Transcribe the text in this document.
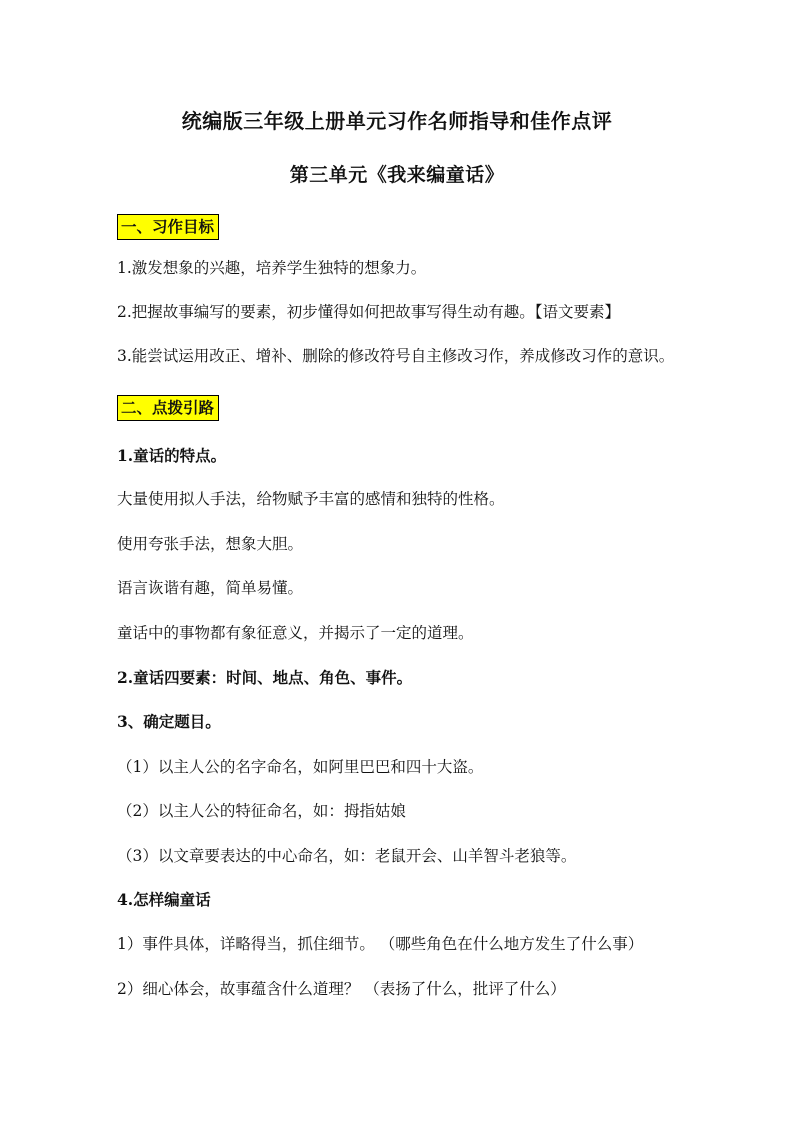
统编版三年级上册单元习作名师指导和佳作点评
第三单元《我来编童话》
一、习作目标
1.激发想象的兴趣，培养学生独特的想象力。
2.把握故事编写的要素，初步懂得如何把故事写得生动有趣。【语文要素】
3.能尝试运用改正、增补、删除的修改符号自主修改习作，养成修改习作的意识。
二、点拨引路
1.童话的特点。
大量使用拟人手法，给物赋予丰富的感情和独特的性格。
使用夸张手法，想象大胆。
语言诙谐有趣，简单易懂。
童话中的事物都有象征意义，并揭示了一定的道理。
2.童话四要素：时间、地点、角色、事件。
3、确定题目。
（1）以主人公的名字命名，如阿里巴巴和四十大盗。
（2）以主人公的特征命名，如：拇指姑娘
（3）以文章要表达的中心命名，如：老鼠开会、山羊智斗老狼等。
4.怎样编童话
1）事件具体，详略得当，抓住细节。 （哪些角色在什么地方发生了什么事）
2）细心体会，故事蕴含什么道理？ （表扬了什么，批评了什么）
